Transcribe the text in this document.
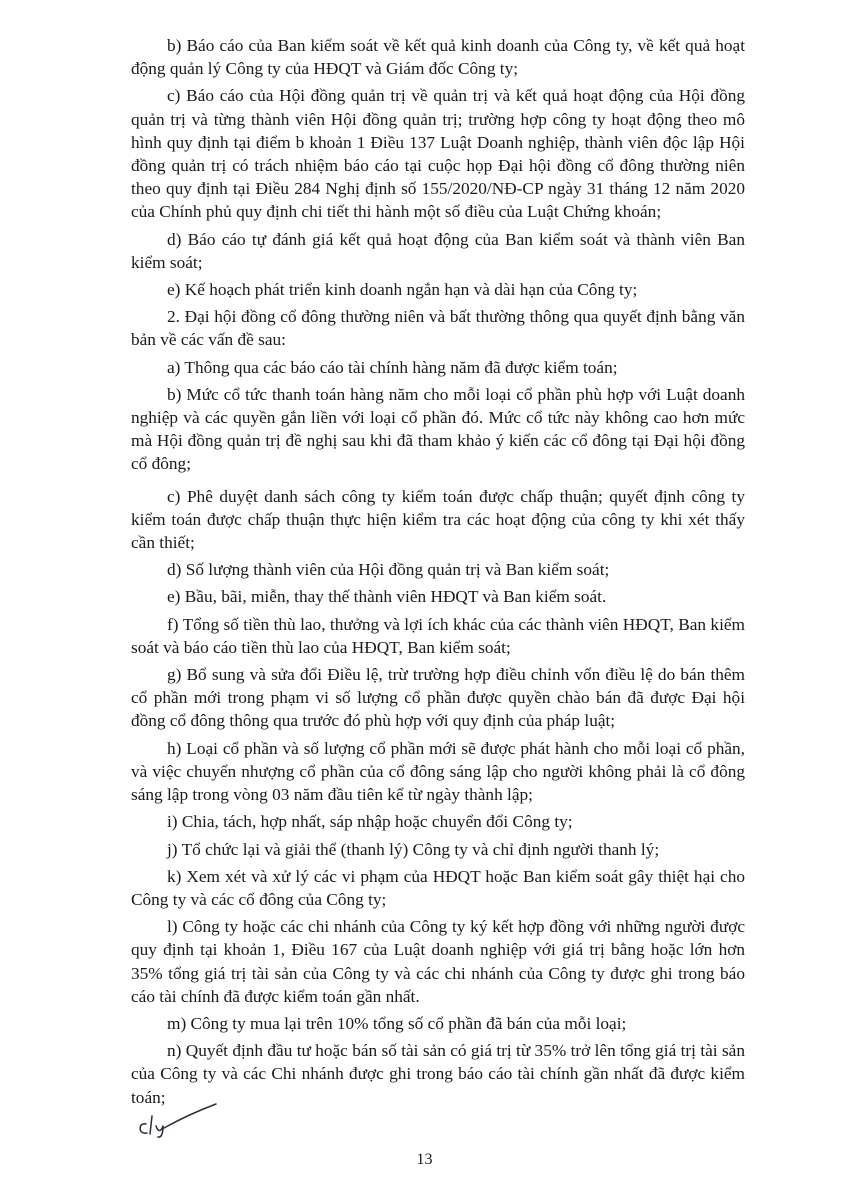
b) Báo cáo của Ban kiểm soát về kết quả kinh doanh của Công ty, về kết quả hoạt động quản lý Công ty của HĐQT và Giám đốc Công ty;

c) Báo cáo của Hội đồng quản trị về quản trị và kết quả hoạt động của Hội đồng quản trị và từng thành viên Hội đồng quản trị; trường hợp công ty hoạt động theo mô hình quy định tại điểm b khoản 1 Điều 137 Luật Doanh nghiệp, thành viên độc lập Hội đồng quản trị có trách nhiệm báo cáo tại cuộc họp Đại hội đồng cổ đông thường niên theo quy định tại Điều 284 Nghị định số 155/2020/NĐ-CP ngày 31 tháng 12 năm 2020 của Chính phủ quy định chi tiết thi hành một số điều của Luật Chứng khoán;

d) Báo cáo tự đánh giá kết quả hoạt động của Ban kiểm soát và thành viên Ban kiểm soát;

e) Kế hoạch phát triển kinh doanh ngắn hạn và dài hạn của Công ty;

2. Đại hội đồng cổ đông thường niên và bất thường thông qua quyết định bằng văn bản về các vấn đề sau:

a) Thông qua các báo cáo tài chính hàng năm đã được kiểm toán;

b) Mức cổ tức thanh toán hàng năm cho mỗi loại cổ phần phù hợp với Luật doanh nghiệp và các quyền gắn liền với loại cổ phần đó. Mức cổ tức này không cao hơn mức mà Hội đồng quản trị đề nghị sau khi đã tham khảo ý kiến các cổ đông tại Đại hội đồng cổ đông;

c) Phê duyệt danh sách công ty kiểm toán được chấp thuận; quyết định công ty kiểm toán được chấp thuận thực hiện kiểm tra các hoạt động của công ty khi xét thấy cần thiết;

d) Số lượng thành viên của Hội đồng quản trị và Ban kiểm soát;

e) Bầu, bãi, miễn, thay thế thành viên HĐQT và Ban kiểm soát.

f) Tổng số tiền thù lao, thưởng và lợi ích khác của các thành viên HĐQT, Ban kiểm soát và báo cáo tiền thù lao của HĐQT, Ban kiểm soát;

g) Bổ sung và sửa đổi Điều lệ, trừ trường hợp điều chỉnh vốn điều lệ do bán thêm cổ phần mới trong phạm vi số lượng cổ phần được quyền chào bán đã được Đại hội đồng cổ đông thông qua trước đó phù hợp với quy định của pháp luật;

h) Loại cổ phần và số lượng cổ phần mới sẽ được phát hành cho mỗi loại cổ phần, và việc chuyển nhượng cổ phần của cổ đông sáng lập cho người không phải là cổ đông sáng lập trong vòng 03 năm đầu tiên kể từ ngày thành lập;

i) Chia, tách, hợp nhất, sáp nhập hoặc chuyển đổi Công ty;

j) Tổ chức lại và giải thể (thanh lý) Công ty và chỉ định người thanh lý;

k) Xem xét và xử lý các vi phạm của HĐQT hoặc Ban kiểm soát gây thiệt hại cho Công ty và các cổ đông của Công ty;

l) Công ty hoặc các chi nhánh của Công ty ký kết hợp đồng với những người được quy định tại khoản 1, Điều 167 của Luật doanh nghiệp với giá trị bằng hoặc lớn hơn 35% tổng giá trị tài sản của Công ty và các chi nhánh của Công ty được ghi trong báo cáo tài chính đã được kiểm toán gần nhất.

m) Công ty mua lại trên 10% tổng số cổ phần đã bán của mỗi loại;

n) Quyết định đầu tư hoặc bán số tài sản có giá trị từ 35% trở lên tổng giá trị tài sản của Công ty và các Chi nhánh được ghi trong báo cáo tài chính gần nhất đã được kiểm toán;

13
